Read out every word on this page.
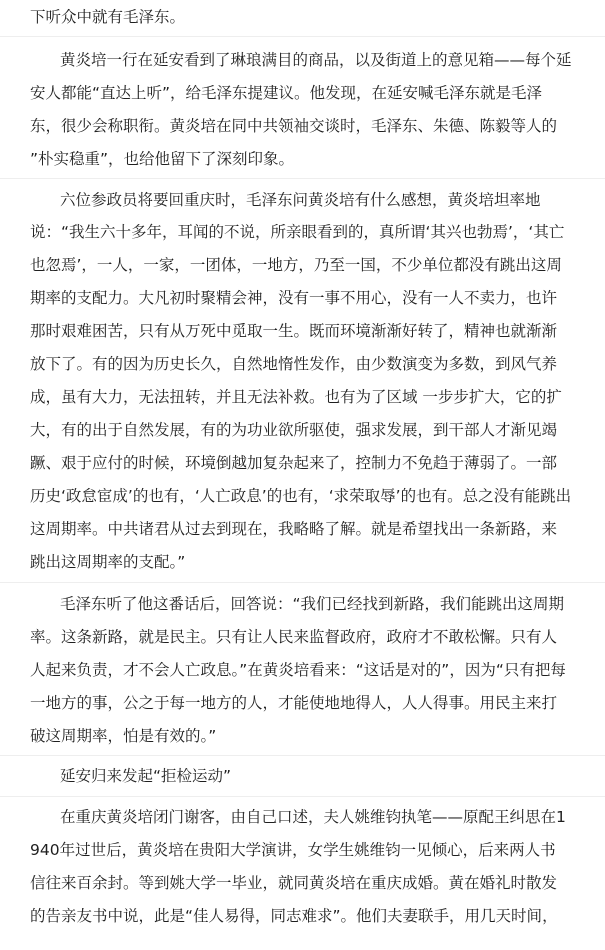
下听众中就有毛泽东。
黄炎培一行在延安看到了琳琅满目的商品，以及街道上的意见箱——每个延
安人都能“直达上听”，给毛泽东提建议。他发现，在延安喊毛泽东就是毛泽
东，很少会称职衔。黄炎培在同中共领袖交谈时，毛泽东、朱德、陈毅等人的
”朴实稳重”，也给他留下了深刻印象。
六位参政员将要回重庆时，毛泽东问黄炎培有什么感想，黄炎培坦率地
说：“我生六十多年，耳闻的不说，所亲眼看到的，真所谓‘其兴也勃焉’，‘其亡
也忽焉’，一人，一家，一团体，一地方，乃至一国，不少单位都没有跳出这周
期率的支配力。大凡初时聚精会神，没有一事不用心，没有一人不卖力，也许
那时艰难困苦，只有从万死中觅取一生。既而环境渐渐好转了，精神也就渐渐
放下了。有的因为历史长久，自然地惰性发作，由少数演变为多数，到风气养
成，虽有大力，无法扭转，并且无法补救。也有为了区域 一步步扩大，它的扩
大，有的出于自然发展，有的为功业欲所驱使，强求发展，到干部人才渐见竭
蹶、艰于应付的时候，环境倒越加复杂起来了，控制力不免趋于薄弱了。一部
历史‘政怠宦成’的也有，‘人亡政息’的也有，‘求荣取辱’的也有。总之没有能跳出
这周期率。中共诸君从过去到现在，我略略了解。就是希望找出一条新路，来
跳出这周期率的支配。”
毛泽东听了他这番话后，回答说：“我们已经找到新路，我们能跳出这周期
率。这条新路，就是民主。只有让人民来监督政府，政府才不敢松懈。只有人
人起来负责，才不会人亡政息。”在黄炎培看来：“这话是对的”，因为“只有把每
一地方的事，公之于每一地方的人，才能使地地得人，人人得事。用民主来打
破这周期率，怕是有效的。”
延安归来发起“拒检运动”
在重庆黄炎培闭门谢客，由自己口述，夫人姚维钧执笔——原配王纠思在1
940年过世后，黄炎培在贵阳大学演讲，女学生姚维钧一见倾心，后来两人书
信往来百余封。等到姚大学一毕业，就同黄炎培在重庆成婚。黄在婚礼时散发
的告亲友书中说，此是“佳人易得，同志难求”。他们夫妻联手，用几天时间，
